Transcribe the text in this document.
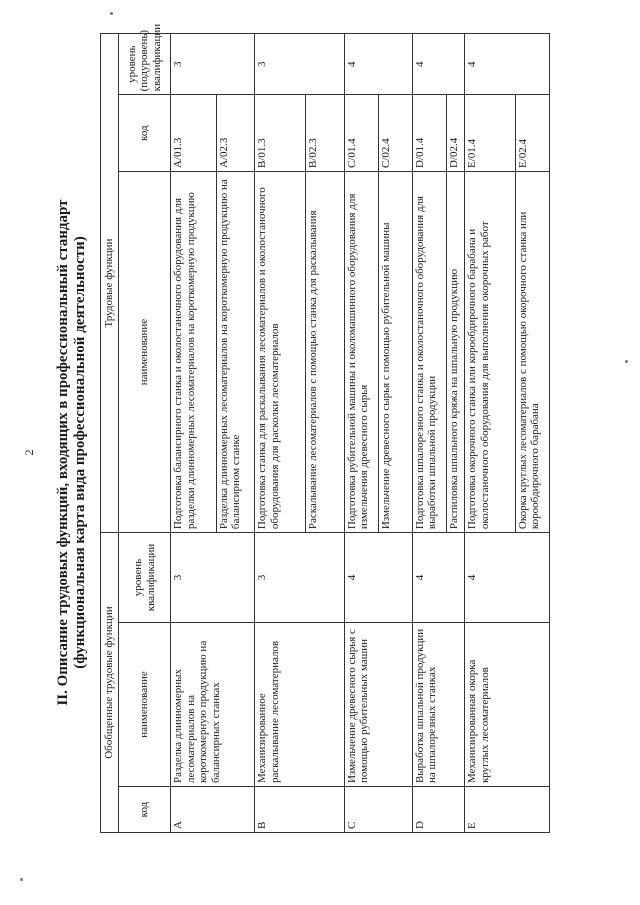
2 II. Описание трудовых функций, входящих в профессиональный стандарт (функциональная карта вида профессиональной деятельности)
Обобщенные трудовые функции			Трудовые функции		
код	наименование	уровень квалификации	наименование	код	уровень (подуровень) квалификации
A	Разделка длинномерных лесоматериалов на короткомерную продукцию на балансирных станках	3	Подготовка балансирного станка и околостаночного оборудования для разделки длинномерных лесоматериалов на короткомерную продукцию	A/01.3	3
			Разделка длинномерных лесоматериалов на короткомерную продукцию на балансирном станке	A/02.3	
B	Механизированное раскалывание лесоматериалов	3	Подготовка станка для раскалывания лесоматериалов и околостаночного оборудования для расколки лесоматериалов	B/01.3	3
			Раскалывание лесоматериалов с помощью станка для раскалывания	B/02.3	
C	Измельчение древесного сырья с помощью рубительных машин	4	Подготовка рубительной машины и околомашинного оборудования для измельчения древесного сырья	C/01.4	4
			Измельчение древесного сырья с помощью рубительной машины	C/02.4	
D	Выработка шпальной продукции на шпалорезных станках	4	Подготовка шпалорезного станка и околостаночного оборудования для выработки шпальной продукции	D/01.4	4
			Распиловка шпального кряжа на шпальную продукцию	D/02.4	
E	Механизированная окорка круглых лесоматериалов	4	Подготовка окорочного станка или корообдирочного барабана и околостаночного оборудования для выполнения окорочных работ	E/01.4	4
			Окорка круглых лесоматериалов с помощью окорочного станка или корообдирочного барабана	E/02.4	
